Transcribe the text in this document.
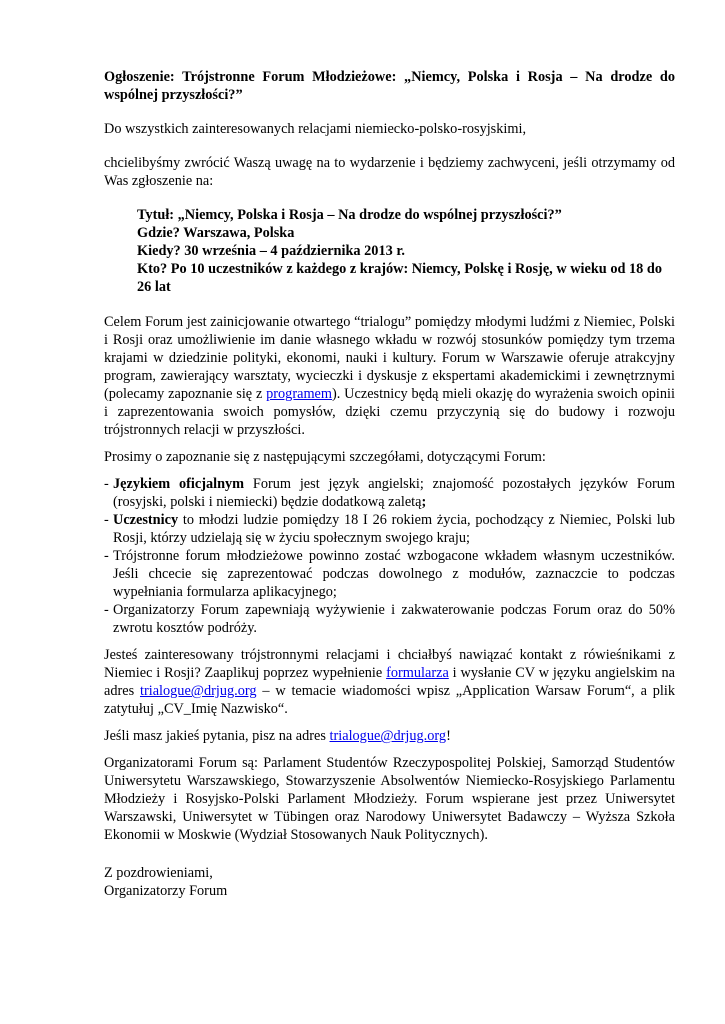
Ogłoszenie: Trójstronne Forum Młodzieżowe: „Niemcy, Polska i Rosja – Na drodze do wspólnej przyszłości?”

Do wszystkich zainteresowanych relacjami niemiecko-polsko-rosyjskimi,

chcielibyśmy zwrócić Waszą uwagę na to wydarzenie i będziemy zachwyceni, jeśli otrzymamy od Was zgłoszenie na:

Tytuł: „Niemcy, Polska i Rosja – Na drodze do wspólnej przyszłości?”

Gdzie? Warszawa, Polska

Kiedy? 30 września – 4 października 2013 r.

Kto? Po 10 uczestników z każdego z krajów: Niemcy, Polskę i Rosję, w wieku od 18 do 26 lat

Celem Forum jest zainicjowanie otwartego “trialogu” pomiędzy młodymi ludźmi z Niemiec, Polski i Rosji oraz umożliwienie im danie własnego wkładu w rozwój stosunków pomiędzy tym trzema krajami w dziedzinie polityki, ekonomi, nauki i kultury. Forum w Warszawie oferuje atrakcyjny program, zawierający warsztaty, wycieczki i dyskusje z ekspertami akademickimi i zewnętrznymi (polecamy zapoznanie się z programem). Uczestnicy będą mieli okazję do wyrażenia swoich opinii i zaprezentowania swoich pomysłów, dzięki czemu przyczynią się do budowy i rozwoju trójstronnych relacji w przyszłości.

Prosimy o zapoznanie się z następującymi szczegółami, dotyczącymi Forum:

- Językiem oficjalnym Forum jest język angielski; znajomość pozostałych języków Forum (rosyjski, polski i niemiecki) będzie dodatkową zaletą;
- Uczestnicy to młodzi ludzie pomiędzy 18 I 26 rokiem życia, pochodzący z Niemiec, Polski lub Rosji, którzy udzielają się w życiu społecznym swojego kraju;
- Trójstronne forum młodzieżowe powinno zostać wzbogacone wkładem własnym uczestników. Jeśli chcecie się zaprezentować podczas dowolnego z modułów, zaznaczcie to podczas wypełniania formularza aplikacyjnego;
- Organizatorzy Forum zapewniają wyżywienie i zakwaterowanie podczas Forum oraz do 50% zwrotu kosztów podróży.

Jesteś zainteresowany trójstronnymi relacjami i chciałbyś nawiązać kontakt z rówieśnikami z Niemiec i Rosji? Zaaplikuj poprzez wypełnienie formularza i wysłanie CV w języku angielskim na adres trialogue@drjug.org – w temacie wiadomości wpisz „Application Warsaw Forum“, a plik zatytułuj „CV_Imię Nazwisko“.

Jeśli masz jakieś pytania, pisz na adres trialogue@drjug.org!

Organizatorami Forum są: Parlament Studentów Rzeczypospolitej Polskiej, Samorząd Studentów Uniwersytetu Warszawskiego, Stowarzyszenie Absolwentów Niemiecko-Rosyjskiego Parlamentu Młodzieży i Rosyjsko-Polski Parlament Młodzieży. Forum wspierane jest przez Uniwersytet Warszawski, Uniwersytet w Tübingen oraz Narodowy Uniwersytet Badawczy – Wyższa Szkoła Ekonomii w Moskwie (Wydział Stosowanych Nauk Politycznych).

Z pozdrowieniami,

Organizatorzy Forum
